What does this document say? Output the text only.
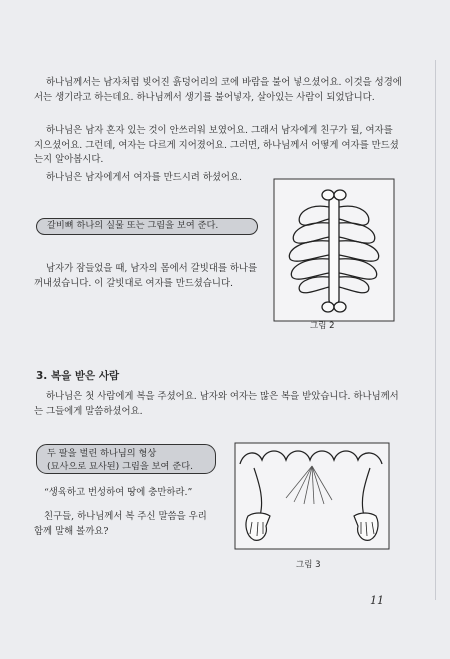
하나님께서는 남자처럼 빚어진 흙덩어리의 코에 바람을 불어 넣으셨어요. 이것을 성경에서는 생기라고 하는데요. 하나님께서 생기를 불어넣자, 살아있는 사람이 되었답니다.

하나님은 남자 혼자 있는 것이 안쓰러워 보였어요. 그래서 남자에게 친구가 될, 여자를 지으셨어요. 그런데, 여자는 다르게 지어졌어요. 그러면, 하나님께서 어떻게 여자를 만드셨는지 알아봅시다.

하나님은 남자에게서 여자를 만드시려 하셨어요.

갈비뼈 하나의 실물 또는 그림을 보여 준다.

남자가 잠들었을 때, 남자의 몸에서 갈빗대를 하나를 꺼내셨습니다. 이 갈빗대로 여자를 만드셨습니다.

그림 2
3. 복을 받은 사람

하나님은 첫 사람에게 복을 주셨어요. 남자와 여자는 많은 복을 받았습니다. 하나님께서는 그들에게 말씀하셨어요.

두 팔을 벌린 하나님의 형상
(묘사으로 묘사된) 그림을 보여 준다.

“생육하고 번성하여 땅에 충만하라.”

친구들, 하나님께서 복 주신 말씀을 우리 함께 말해 볼까요?

그림 3
11
